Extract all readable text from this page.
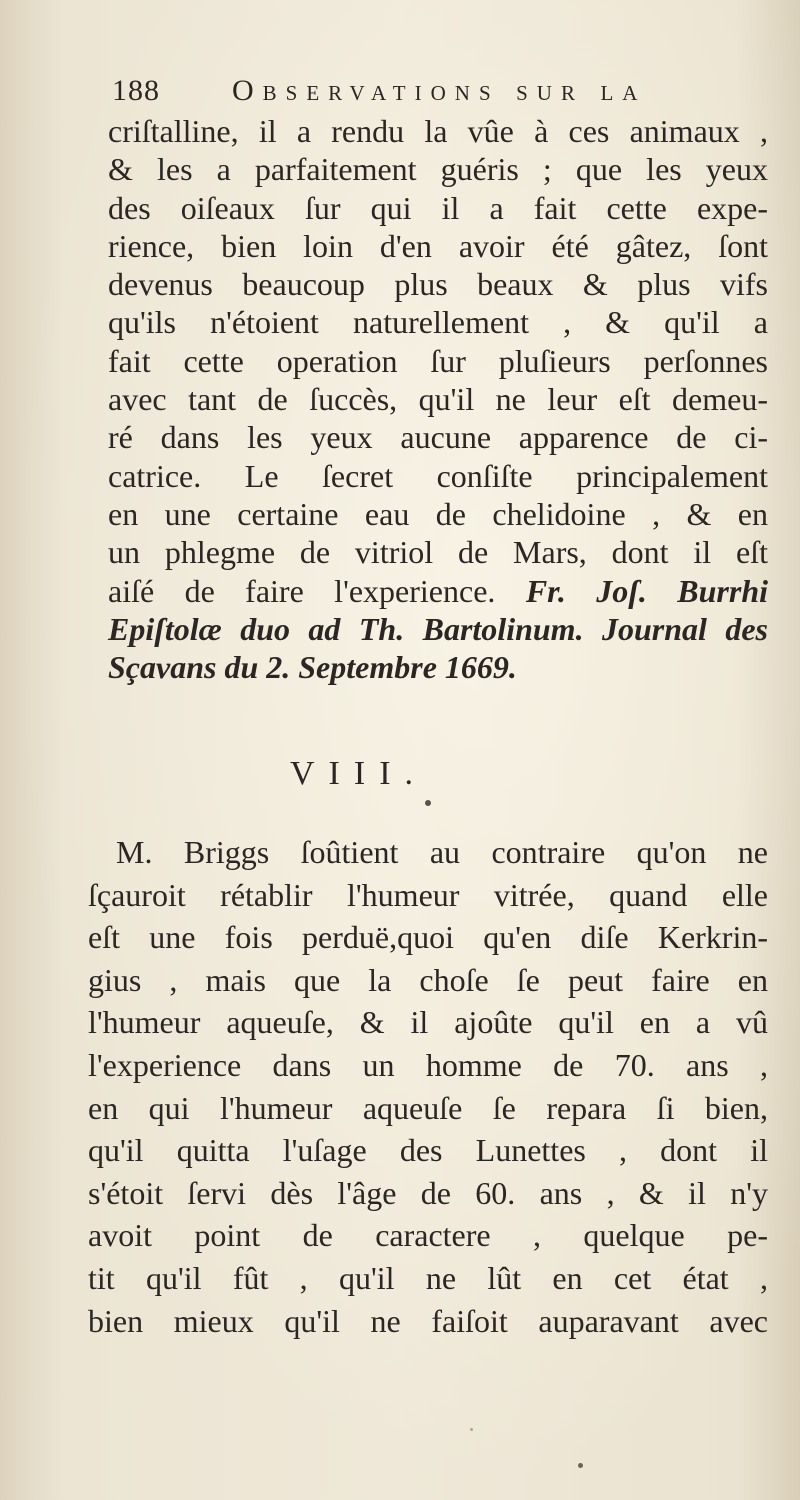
188 Observations sur la
criſtalline, il a rendu la vûe à ces animaux ,
& les a parfaitement guéris ; que les yeux
des oiſeaux ſur qui il a fait cette expe-
rience, bien loin d'en avoir été gâtez, ſont
devenus beaucoup plus beaux & plus vifs
qu'ils n'étoient naturellement , & qu'il a
fait cette operation ſur pluſieurs perſonnes
avec tant de ſuccès, qu'il ne leur eſt demeu-
ré dans les yeux aucune apparence de ci-
catrice. Le ſecret conſiſte principalement
en une certaine eau de chelidoine , & en
un phlegme de vitriol de Mars, dont il eſt
aiſé de faire l'experience. Fr. Joſ. Burrhi
Epiſtolæ duo ad Th. Bartolinum. Journal des
Sçavans du 2. Septembre 1669.
VIII.
M. Briggs ſoûtient au contraire qu'on ne
ſçauroit rétablir l'humeur vitrée, quand elle
eſt une fois perduë,quoi qu'en diſe Kerkrin-
gius , mais que la choſe ſe peut faire en
l'humeur aqueuſe, & il ajoûte qu'il en a vû
l'experience dans un homme de 70. ans ,
en qui l'humeur aqueuſe ſe repara ſi bien,
qu'il quitta l'uſage des Lunettes , dont il
s'étoit ſervi dès l'âge de 60. ans , & il n'y
avoit point de caractere , quelque pe-
tit qu'il fût , qu'il ne lût en cet état ,
bien mieux qu'il ne faiſoit auparavant avec
